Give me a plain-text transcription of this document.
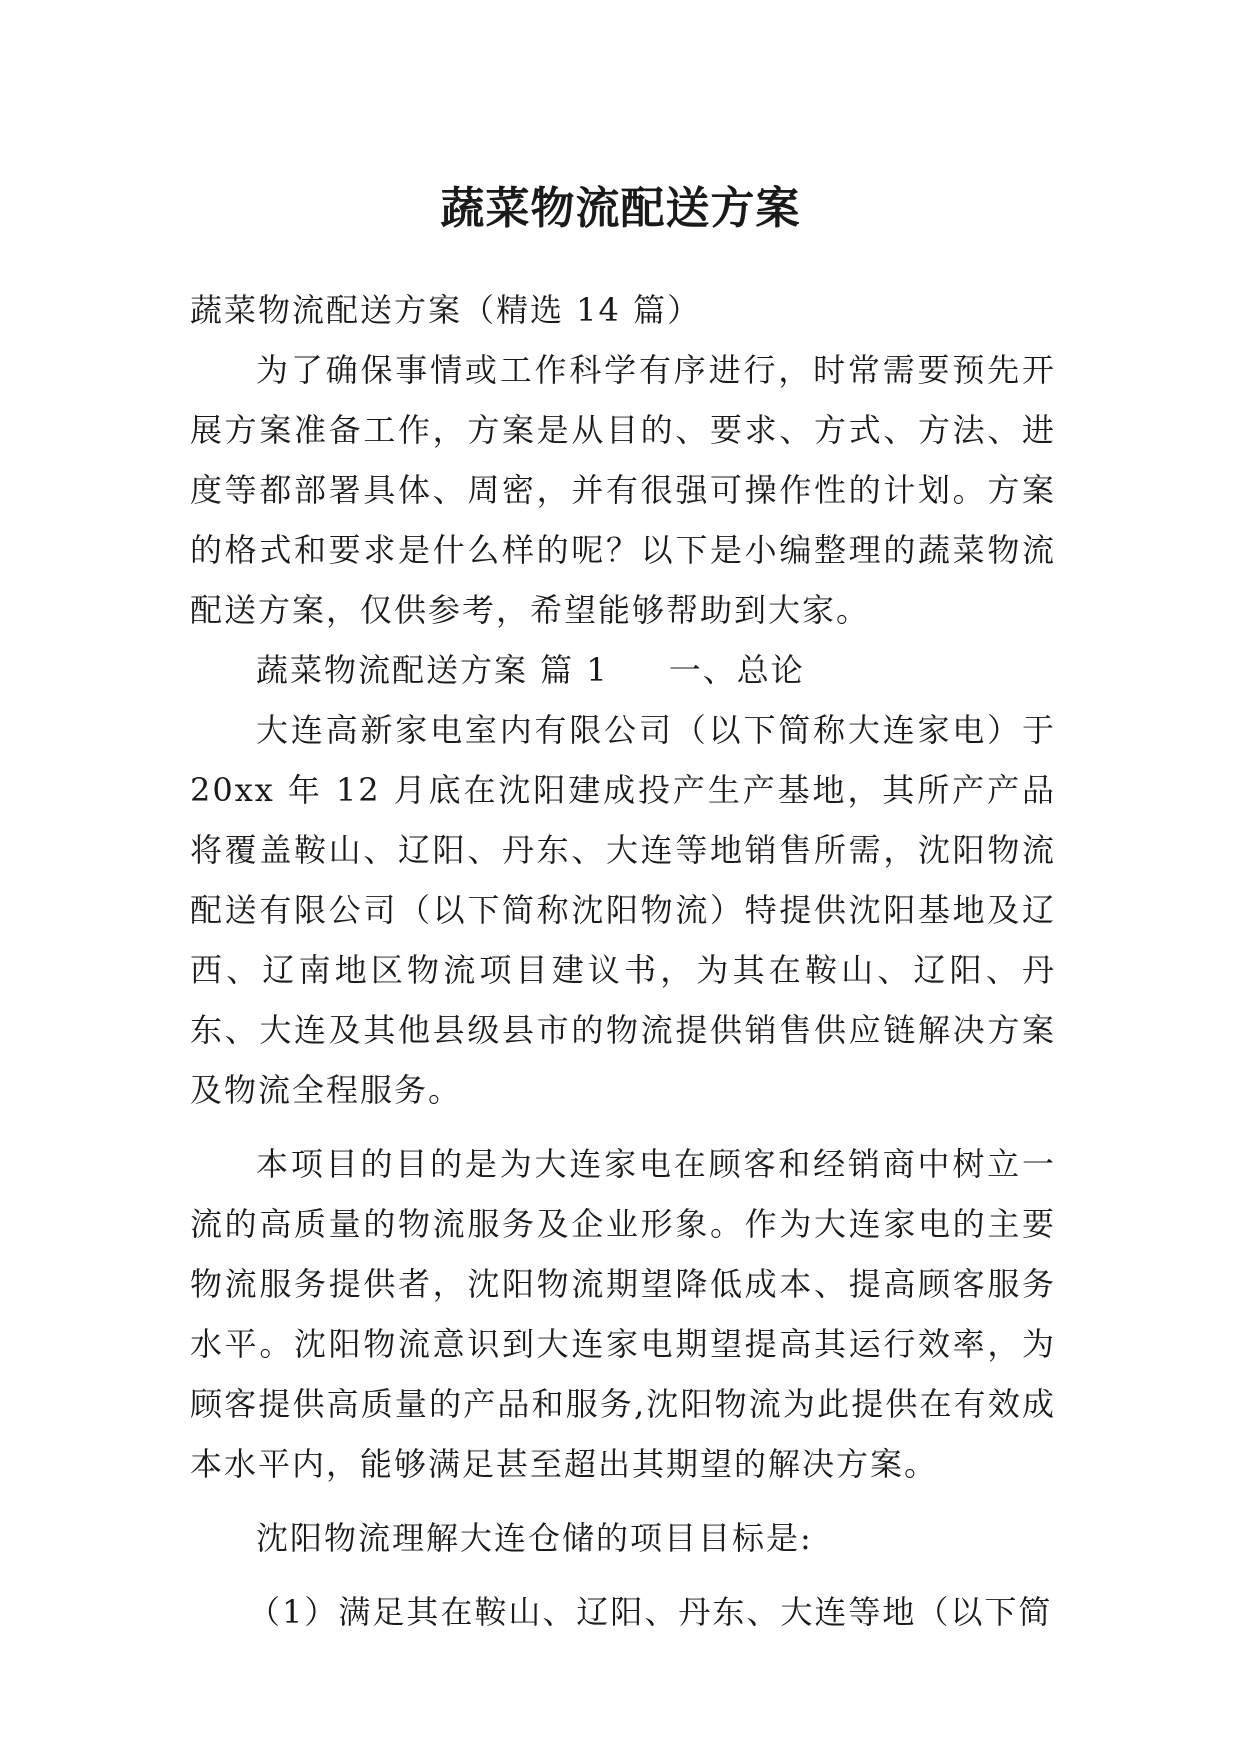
蔬菜物流配送方案

蔬菜物流配送方案（精选 14 篇）

为了确保事情或工作科学有序进行，时常需要预先开展方案准备工作，方案是从目的、要求、方式、方法、进度等都部署具体、周密，并有很强可操作性的计划。方案的格式和要求是什么样的呢？以下是小编整理的蔬菜物流配送方案，仅供参考，希望能够帮助到大家。

蔬菜物流配送方案 篇 1 一、总论

大连高新家电室内有限公司（以下简称大连家电）于 20xx 年 12 月底在沈阳建成投产生产基地，其所产产品将覆盖鞍山、辽阳、丹东、大连等地销售所需，沈阳物流配送有限公司（以下简称沈阳物流）特提供沈阳基地及辽西、辽南地区物流项目建议书，为其在鞍山、辽阳、丹东、大连及其他县级县市的物流提供销售供应链解决方案及物流全程服务。

本项目的目的是为大连家电在顾客和经销商中树立一流的高质量的物流服务及企业形象。作为大连家电的主要物流服务提供者，沈阳物流期望降低成本、提高顾客服务水平。沈阳物流意识到大连家电期望提高其运行效率，为顾客提供高质量的产品和服务,沈阳物流为此提供在有效成本水平内，能够满足甚至超出其期望的解决方案。

沈阳物流理解大连仓储的项目目标是:

（1）满足其在鞍山、辽阳、丹东、大连等地（以下简
